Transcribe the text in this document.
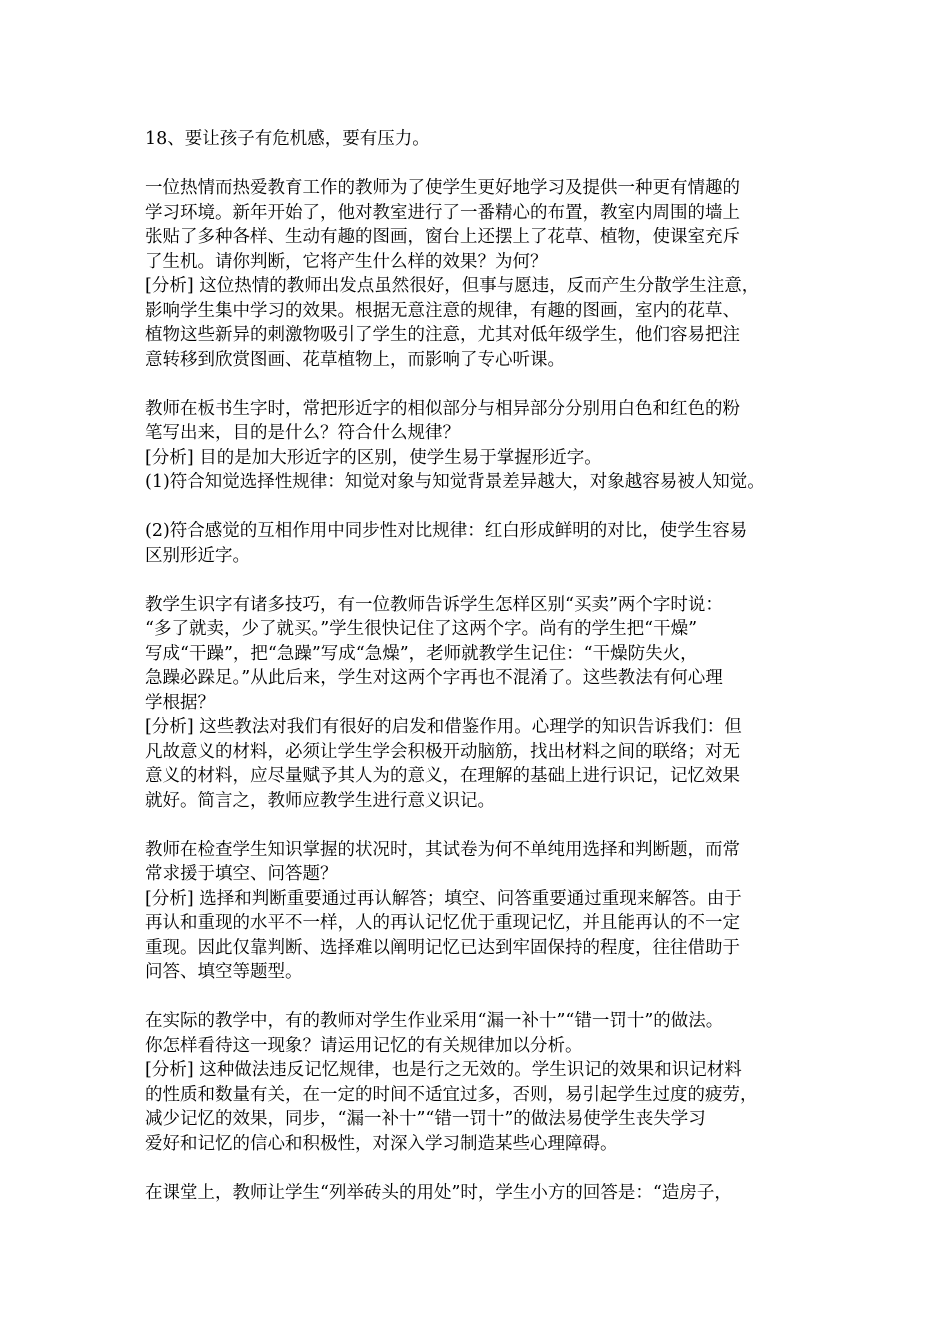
18、要让孩子有危机感，要有压力。
一位热情而热爱教育工作的教师为了使学生更好地学习及提供一种更有情趣的
学习环境。新年开始了，他对教室进行了一番精心的布置，教室内周围的墙上
张贴了多种各样、生动有趣的图画，窗台上还摆上了花草、植物，使课室充斥
了生机。请你判断，它将产生什么样的效果？为何？
[分析] 这位热情的教师出发点虽然很好，但事与愿违，反而产生分散学生注意，
影响学生集中学习的效果。根据无意注意的规律，有趣的图画，室内的花草、
植物这些新异的刺激物吸引了学生的注意，尤其对低年级学生，他们容易把注
意转移到欣赏图画、花草植物上，而影响了专心听课。
教师在板书生字时，常把形近字的相似部分与相异部分分别用白色和红色的粉
笔写出来，目的是什么？符合什么规律？
[分析] 目的是加大形近字的区别，使学生易于掌握形近字。
(1)符合知觉选择性规律：知觉对象与知觉背景差异越大，对象越容易被人知觉。
(2)符合感觉的互相作用中同步性对比规律：红白形成鲜明的对比，使学生容易
区别形近字。
教学生识字有诸多技巧，有一位教师告诉学生怎样区别“买卖”两个字时说：
“多了就卖，少了就买。”学生很快记住了这两个字。尚有的学生把“干燥”
写成“干躁”，把“急躁”写成“急燥”，老师就教学生记住：“干燥防失火，
急躁必跺足。”从此后来，学生对这两个字再也不混淆了。这些教法有何心理
学根据？
[分析] 这些教法对我们有很好的启发和借鉴作用。心理学的知识告诉我们：但
凡故意义的材料，必须让学生学会积极开动脑筋，找出材料之间的联络；对无
意义的材料，应尽量赋予其人为的意义，在理解的基础上进行识记，记忆效果
就好。简言之，教师应教学生进行意义识记。
教师在检查学生知识掌握的状况时，其试卷为何不单纯用选择和判断题，而常
常求援于填空、问答题？
[分析] 选择和判断重要通过再认解答；填空、问答重要通过重现来解答。由于
再认和重现的水平不一样，人的再认记忆优于重现记忆，并且能再认的不一定
重现。因此仅靠判断、选择难以阐明记忆已达到牢固保持的程度，往往借助于
问答、填空等题型。
在实际的教学中，有的教师对学生作业采用“漏一补十”“错一罚十”的做法。
你怎样看待这一现象？请运用记忆的有关规律加以分析。
[分析] 这种做法违反记忆规律，也是行之无效的。学生识记的效果和识记材料
的性质和数量有关，在一定的时间不适宜过多，否则，易引起学生过度的疲劳，
减少记忆的效果，同步，“漏一补十”“错一罚十”的做法易使学生丧失学习
爱好和记忆的信心和积极性，对深入学习制造某些心理障碍。
在课堂上，教师让学生“列举砖头的用处”时，学生小方的回答是：“造房子，
